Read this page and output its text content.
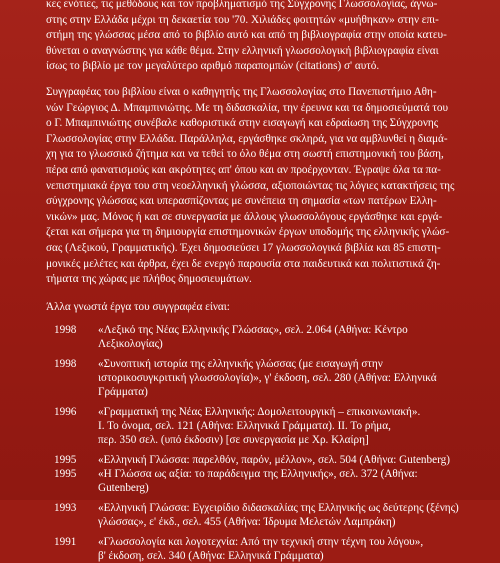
κες ενότιες, τις μεθόδους και τον προβληματισμό της Σύγχρονης Γλωσσολογίας, άγνω-
στης στην Ελλάδα μέχρι τη δεκαετία του '70. Χιλιάδες φοιτητών «μυήθηκαν» στην επι-
στήμη της γλώσσας μέσα από το βιβλίο αυτό και από τη βιβλιογραφία στην οποία κατευ-
θύνεται ο αναγνώστης για κάθε θέμα. Στην ελληνική γλωσσολογική βιβλιογραφία είναι
ίσως το βιβλίο με τον μεγαλύτερο αριθμό παραπομπών (citations) σ' αυτό.

Συγγραφέας του βιβλίου είναι ο καθηγητής της Γλωσσολογίας στο Πανεπιστήμιο Αθη-
νών Γεώργιος Δ. Μπαμπινιώτης. Με τη διδασκαλία, την έρευνα και τα δημοσιεύματά του
ο Γ. Μπαμπινιώτης συνέβαλε καθοριστικά στην εισαγωγή και εδραίωση της Σύγχρονης
Γλωσσολογίας στην Ελλάδα. Παράλληλα, εργάσθηκε σκληρά, για να αμβλυνθεί η διαμά-
χη για το γλωσσικό ζήτημα και να τεθεί το όλο θέμα στη σωστή επιστημονική του βάση,
πέρα από φανατισμούς και ακρότητες απ' όπου και αν προέρχονταν. Έγραψε όλα τα πα-
νεπιστημιακά έργα του στη νεοελληνική γλώσσα, αξιοποιώντας τις λόγιες κατακτήσεις της
σύγχρονης γλώσσας και υπερασπίζοντας με συνέπεια τη σημασία «των πατέρων Ελλη-
νικών» μας. Μόνος ή και σε συνεργασία με άλλους γλωσσολόγους εργάσθηκε και εργά-
ζεται και σήμερα για τη δημιουργία επιστημονικών έργων υποδομής της ελληνικής γλώσ-
σας (Λεξικού, Γραμματικής). Έχει δημοσιεύσει 17 γλωσσολογικά βιβλία και 85 επιστη-
μονικές μελέτες και άρθρα, έχει δε ενεργό παρουσία στα παιδευτικά και πολιτιστικά ζη-
τήματα της χώρας με πλήθος δημοσιευμάτων.

Άλλα γνωστά έργα του συγγραφέα είναι:
1998	«Λεξικό της Νέας Ελληνικής Γλώσσας», σελ. 2.064 (Αθήνα: Κέντρο
Λεξικολογίας)

1998	«Συνοπτική ιστορία της ελληνικής γλώσσας (με εισαγωγή στην
ιστορικοσυγκριτική γλωσσολογία)», γ' έκδοση, σελ. 280 (Αθήνα: Ελληνικά
Γράμματα)

1996	«Γραμματική της Νέας Ελληνικής: Δομολειτουργική – επικοινωνιακή».
Ι. Το όνομα, σελ. 121 (Αθήνα: Ελληνικά Γράμματα). ΙΙ. Το ρήμα,
περ. 350 σελ. (υπό έκδοσιν) [σε συνεργασία με Χρ. Κλαίρη]

1995	«Ελληνική Γλώσσα: παρελθόν, παρόν, μέλλον», σελ. 504 (Αθήνα: Gutenberg)

1995	«Η Γλώσσα ως αξία: το παράδειγμα της Ελληνικής», σελ. 372 (Αθήνα:
Gutenberg)

1993	«Ελληνική Γλώσσα: Εγχειρίδιο διδασκαλίας της Ελληνικής ως δεύτερης (ξένης)
γλώσσας», ε' έκδ., σελ. 455 (Αθήνα: Ίδρυμα Μελετών Λαμπράκη)

1991	«Γλωσσολογία και λογοτεχνία: Από την τεχνική στην τέχνη του λόγου»,
β' έκδοση, σελ. 340 (Αθήνα: Ελληνικά Γράμματα)
